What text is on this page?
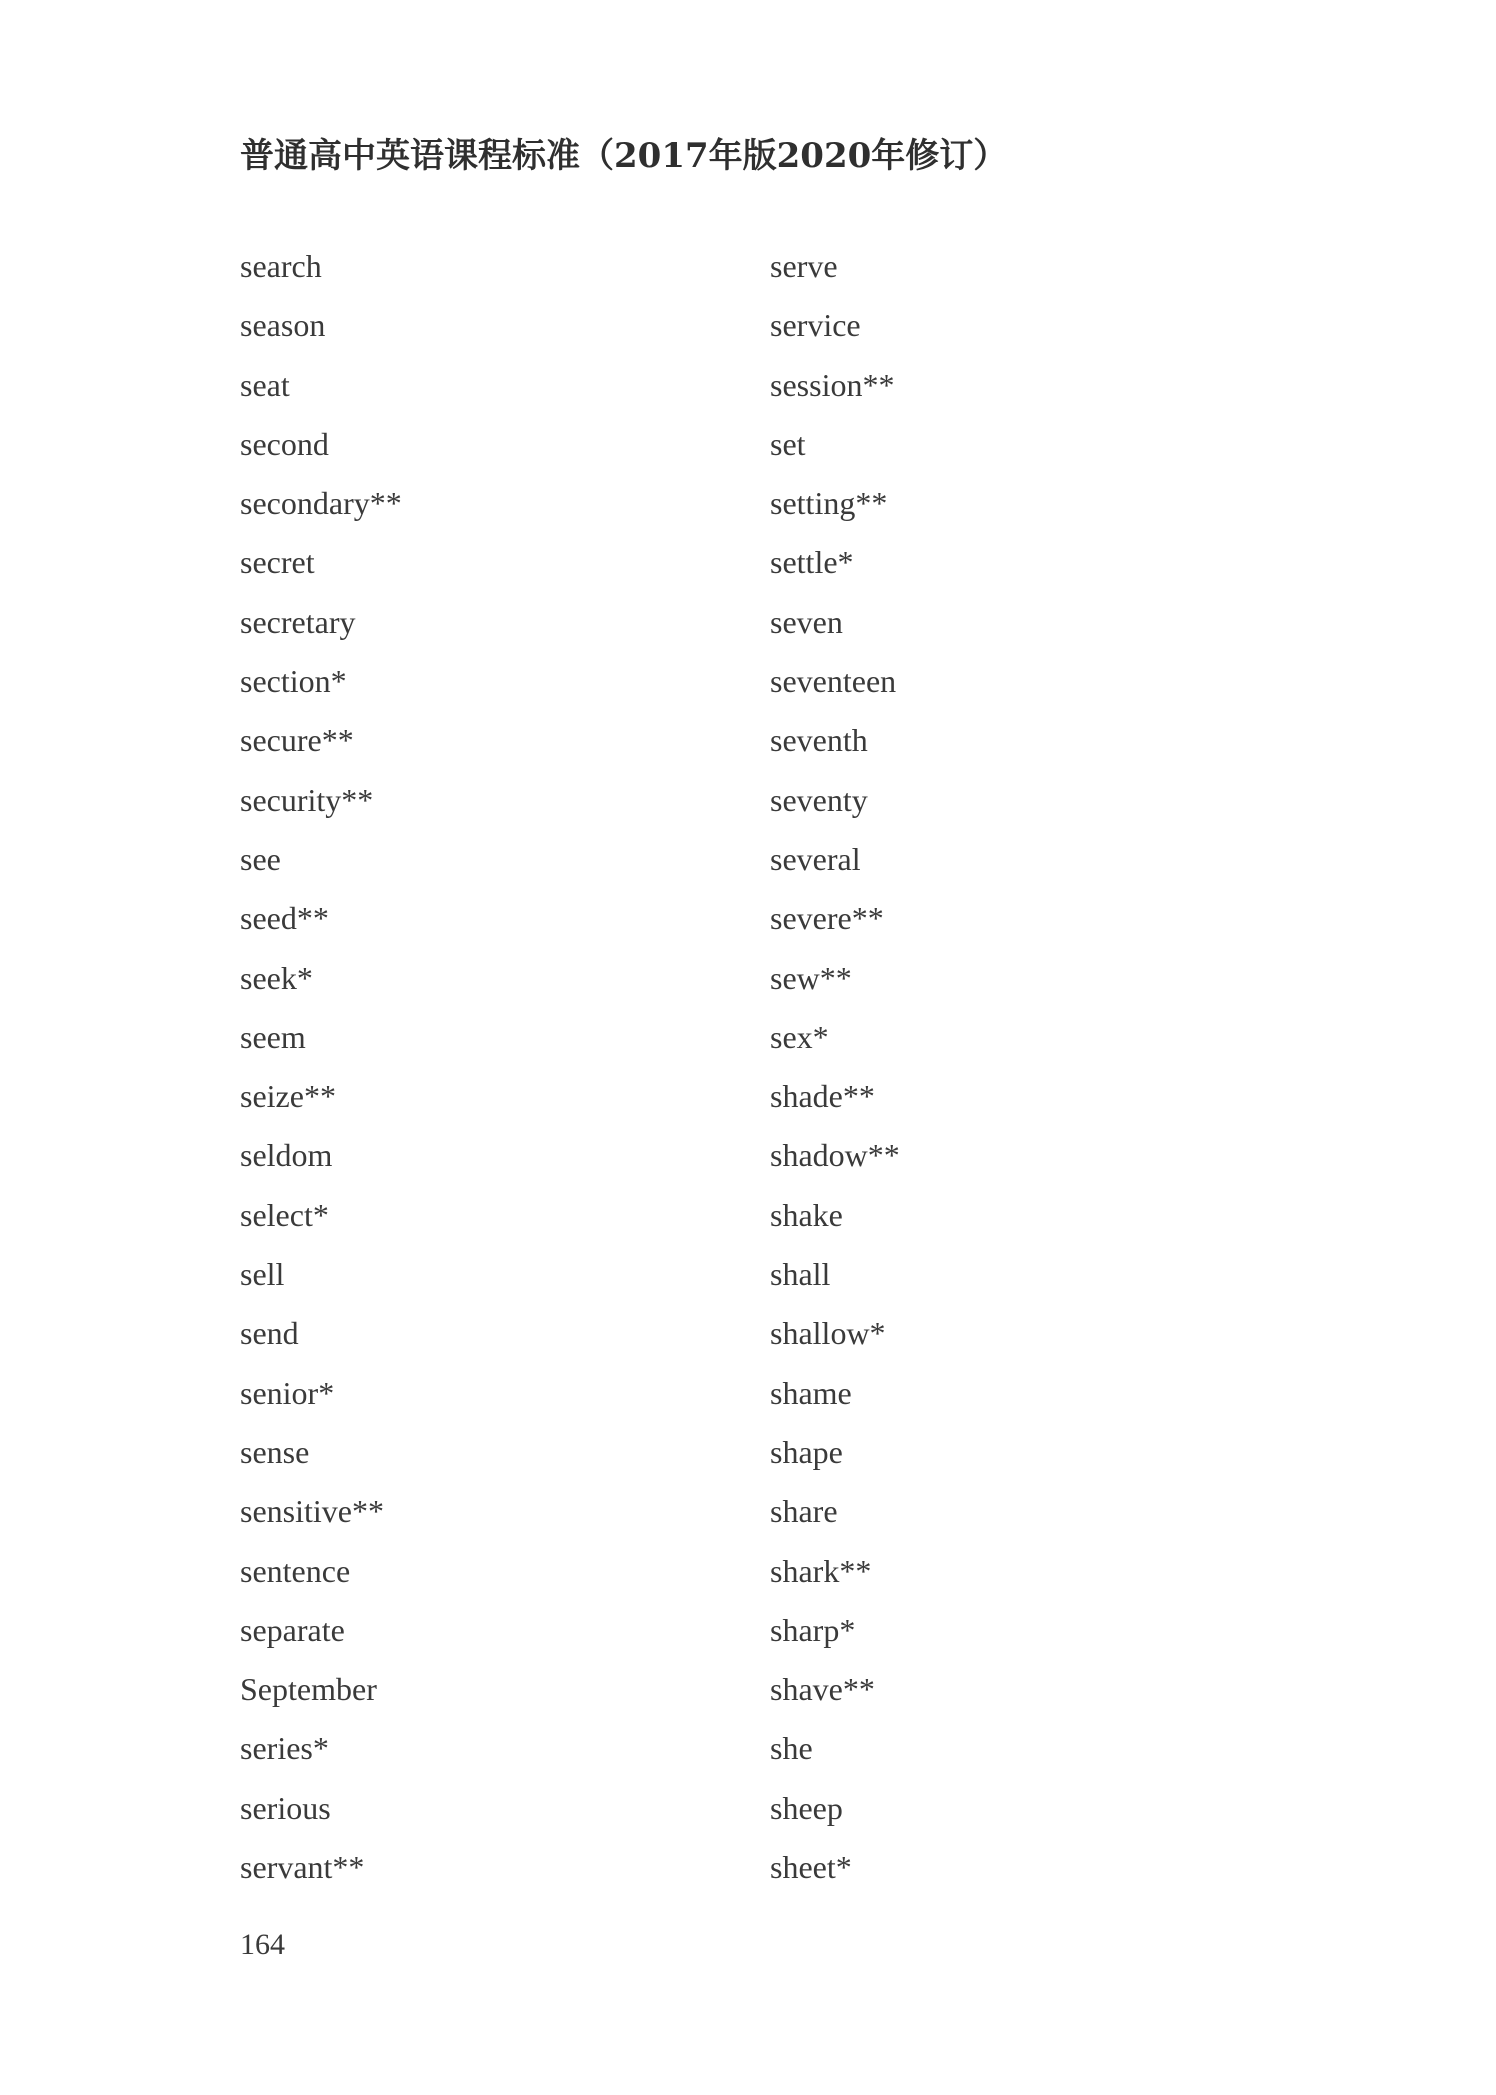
普通高中英语课程标准（2017年版2020年修订）
search
season
seat
second
secondary**
secret
secretary
section*
secure**
security**
see
seed**
seek*
seem
seize**
seldom
select*
sell
send
senior*
sense
sensitive**
sentence
separate
September
series*
serious
servant**
serve
service
session**
set
setting**
settle*
seven
seventeen
seventh
seventy
several
severe**
sew**
sex*
shade**
shadow**
shake
shall
shallow*
shame
shape
share
shark**
sharp*
shave**
she
sheep
sheet*
164
